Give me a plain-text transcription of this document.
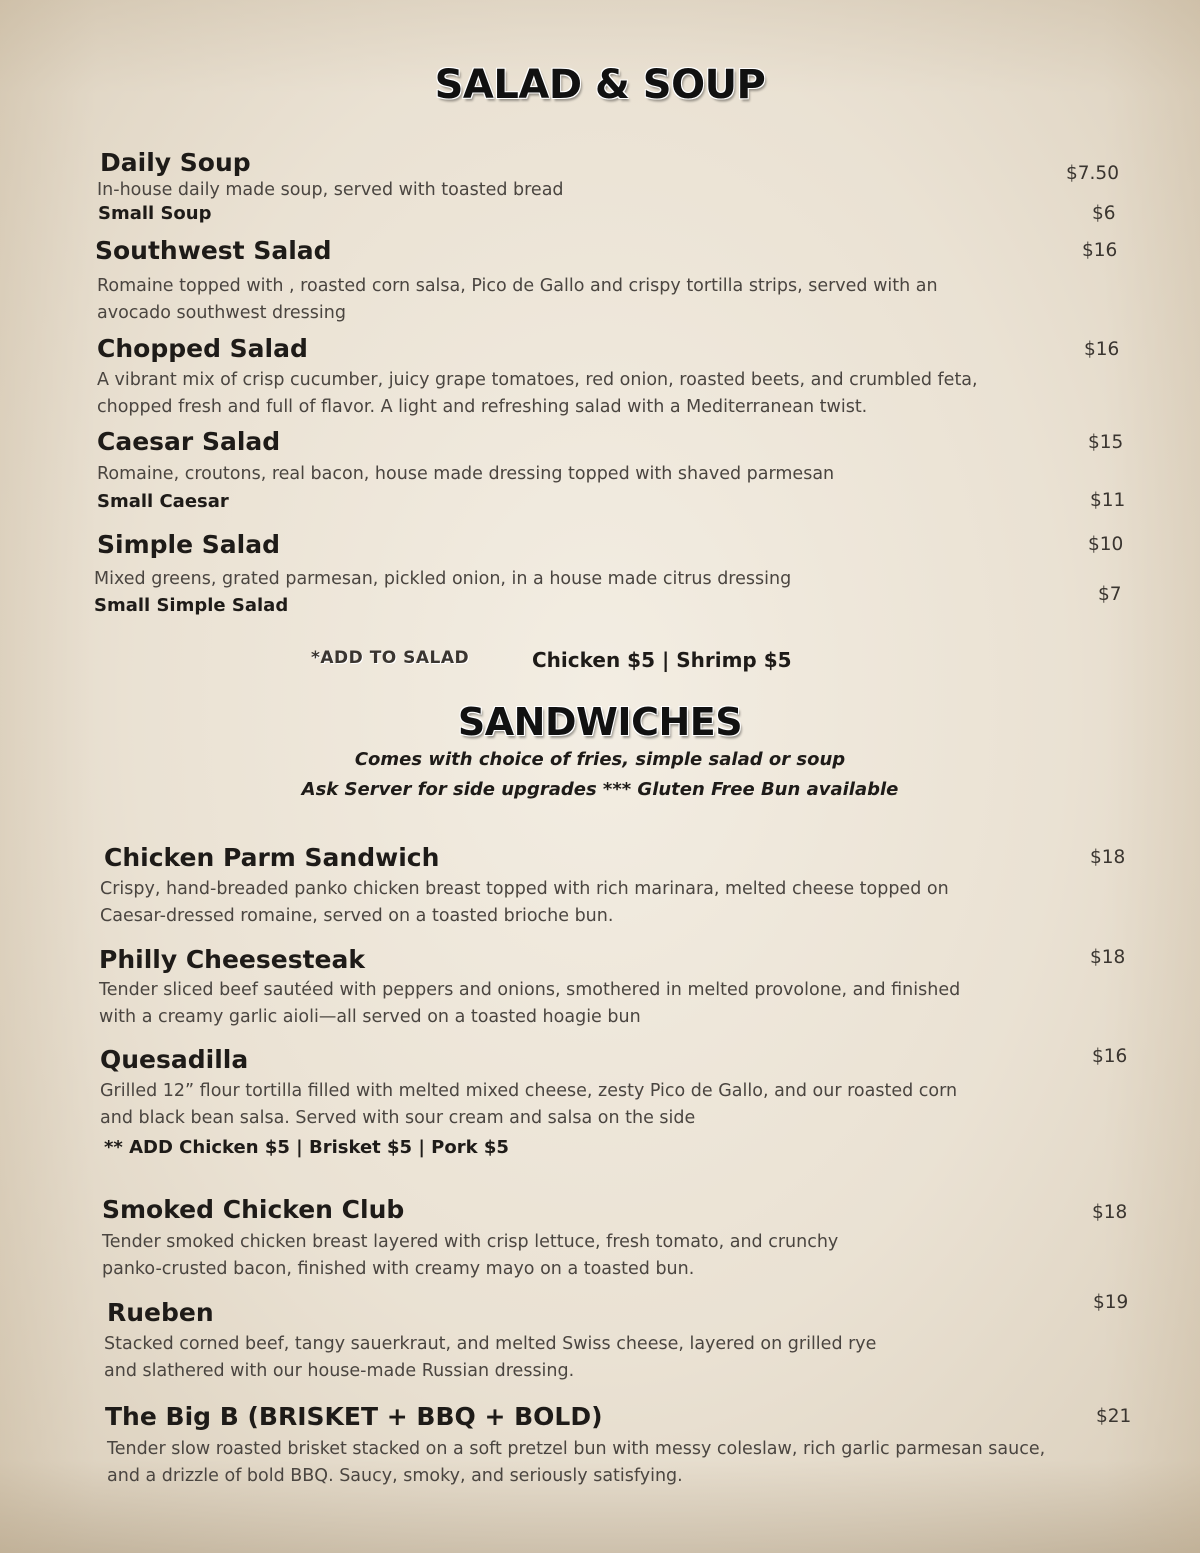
SALAD & SOUP
Daily Soup
In-house daily made soup, served with toasted bread
Small Soup
$7.50
$6
Southwest Salad
Romaine topped with , roasted corn salsa, Pico de Gallo and crispy tortilla strips, served with an avocado southwest dressing
$16
Chopped Salad
A vibrant mix of crisp cucumber, juicy grape tomatoes, red onion, roasted beets, and crumbled feta, chopped fresh and full of flavor. A light and refreshing salad with a Mediterranean twist.
$16
Caesar Salad
Romaine, croutons, real bacon, house made dressing topped with shaved parmesan
Small Caesar
$15
$11
Simple Salad
Mixed greens, grated parmesan, pickled onion, in a house made citrus dressing
Small Simple Salad
$10
$7
*ADD TO SALAD	Chicken $5 | Shrimp $5
SANDWICHES
Comes with choice of fries, simple salad or soup
Ask Server for side upgrades *** Gluten Free Bun available
Chicken Parm Sandwich
Crispy, hand-breaded panko chicken breast topped with rich marinara, melted cheese topped on Caesar-dressed romaine, served on a toasted brioche bun.
$18
Philly Cheesesteak
Tender sliced beef sautéed with peppers and onions, smothered in melted provolone, and finished with a creamy garlic aioli—all served on a toasted hoagie bun
$18
Quesadilla
Grilled 12” flour tortilla filled with melted mixed cheese, zesty Pico de Gallo, and our roasted corn and black bean salsa. Served with sour cream and salsa on the side
** ADD Chicken $5 | Brisket $5 | Pork $5
$16
Smoked Chicken Club
Tender smoked chicken breast layered with crisp lettuce, fresh tomato, and crunchy panko-crusted bacon, finished with creamy mayo on a toasted bun.
$18
Rueben
Stacked corned beef, tangy sauerkraut, and melted Swiss cheese, layered on grilled rye and slathered with our house-made Russian dressing.
$19
The Big B (BRISKET + BBQ + BOLD)
Tender slow roasted brisket stacked on a soft pretzel bun with messy coleslaw, rich garlic parmesan sauce, and a drizzle of bold BBQ. Saucy, smoky, and seriously satisfying.
$21
